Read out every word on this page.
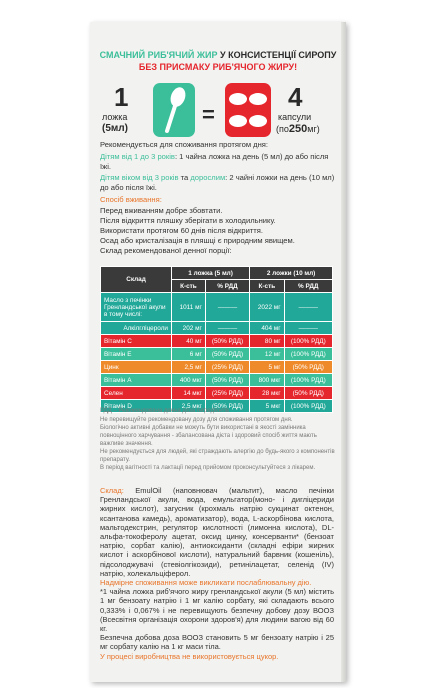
СМАЧНИЙ РИБ'ЯЧИЙ ЖИР У КОНСИСТЕНЦІЇ СИРОПУ
БЕЗ ПРИСМАКУ РИБ'ЯЧОГО ЖИРУ!
1
ложка
(5мл)
=
4
капсули
(по250мг)
Рекомендується для споживання протягом дня:
Дітям від 1 до 3 років: 1 чайна ложка на день (5 мл) до або після їжі.
Дітям віком від 3 років та дорослим: 2 чайні ложки на день (10 мл) до або після їжі.
Спосіб вживання:
Перед вживанням добре збовтати.
Після відкриття пляшку зберігати в холодильнику.
Використати протягом 60 днів після відкриття.
Осад або кристалізація в пляшці є природним явищем.
Склад рекомендованої денної порції:
Склад	1 ложка (5 мл)		2 ложки (10 мл)	
	К-сть	% РДД	К-сть	% РДД
Масло з печінки Гренландської акули в тому числі:	1011 мг	———	2022 мг	———
Алкілгліцероли	202 мг	———	404 мг	———
Вітамін С	40 мг	(50% РДД)	80 мг	(100% РДД)
Вітамін Е	6 мг	(50% РДД)	12 мг	(100% РДД)
Цинк	2,5 мг	(25% РДД)	5 мг	(50% РДД)
Вітамін А	400 мкг	(50% РДД)	800 мкг	(100% РДД)
Селен	14 мкг	(25% РДД)	28 мкг	(50% РДД)
Вітамін D	2,5 мкг	(50% РДД)	5 мкг	(100% РДД)
РДД – Рекомендована денна доза Інгредієнтів
Не перевищуйте рекомендовану дозу для споживання протягом дня.
Біологічно активні добавки не можуть бути використані в якості замінника повноцінного харчування - збалансована дієта і здоровий спосіб життя мають важливе значення.
Не рекомендується для людей, які страждають алергію до будь-якого з компонентів препарату.
В період вагітності та лактації перед прийомом проконсультуйтеся з лікарем.
Склад: EmulOil (наповнювач (мальтит), масло печінки Гренландської акули, вода, емульгатор(моно- і дигліцериди жирних кислот), загусник (крохмаль натрію сукцинат октенон, ксантанова камедь), ароматизатор), вода, L-аскорбінова кислота, мальтодекстрин, регулятор кислотності (лимонна кислота), DL-альфа-токоферолу ацетат, оксид цинку, консерванти* (бензоат натрію, сорбат калію), антиоксиданти (складні ефіри жирних кислот і аскорбінової кислоти), натуральний барвник (кошеніль), підсолоджувачі (стевіолгікозиди), ретинілацетат, селенід (IV) натрію, холекальціферол.
Надмірне споживання може викликати послаблювальну дію.
*1 чайна ложка риб'ячого жиру гренландської акули (5 мл) містить 1 мг бензоату натрію і 1 мг калію сорбату, які складають всього 0,333% і 0,067% і не перевищують безпечну добову дозу ВООЗ (Всесвітня організація охорони здоров'я) для людини вагою від 60 кг.
Безпечна добова доза ВООЗ становить 5 мг бензоату натрію і 25 мг сорбату калію на 1 кг маси тіла.
У процесі виробництва не використовується цукор.
